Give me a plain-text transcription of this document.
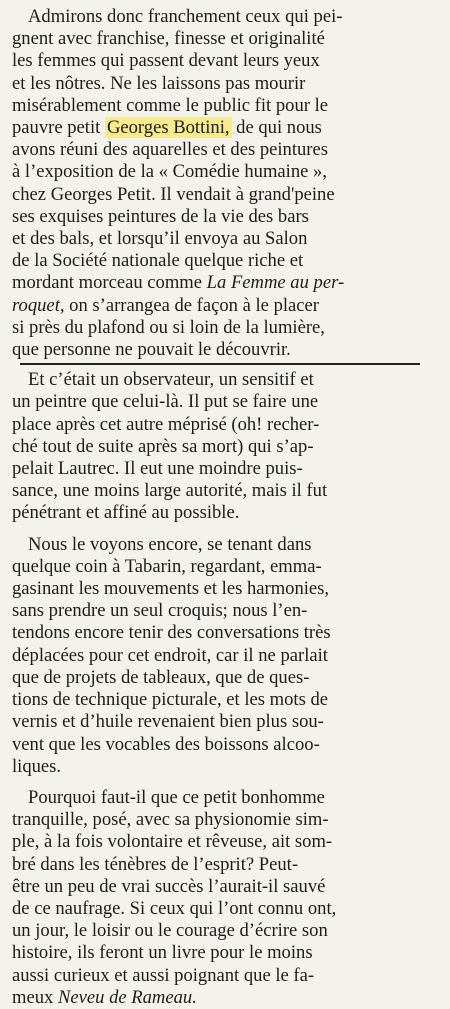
Admirons donc franchement ceux qui pei-
gnent avec franchise, finesse et originalité
les femmes qui passent devant leurs yeux
et les nôtres. Ne les laissons pas mourir
misérablement comme le public fit pour le
pauvre petit Georges Bottini, de qui nous
avons réuni des aquarelles et des peintures
à l’exposition de la « Comédie humaine »,
chez Georges Petit. Il vendait à grand'peine
ses exquises peintures de la vie des bars
et des bals, et lorsqu’il envoya au Salon
de la Société nationale quelque riche et
mordant morceau comme La Femme au per-
roquet, on s’arrangea de façon à le placer
si près du plafond ou si loin de la lumière,
que personne ne pouvait le découvrir.

Et c’était un observateur, un sensitif et
un peintre que celui-là. Il put se faire une
place après cet autre méprisé (oh! recher-
ché tout de suite après sa mort) qui s’ap-
pelait Lautrec. Il eut une moindre puis-
sance, une moins large autorité, mais il fut
pénétrant et affiné au possible.

Nous le voyons encore, se tenant dans
quelque coin à Tabarin, regardant, emma-
gasinant les mouvements et les harmonies,
sans prendre un seul croquis; nous l’en-
tendons encore tenir des conversations très
déplacées pour cet endroit, car il ne parlait
que de projets de tableaux, que de ques-
tions de technique picturale, et les mots de
vernis et d’huile revenaient bien plus sou-
vent que les vocables des boissons alcoo-
liques.

Pourquoi faut-il que ce petit bonhomme
tranquille, posé, avec sa physionomie sim-
ple, à la fois volontaire et rêveuse, ait som-
bré dans les ténèbres de l’esprit? Peut-
être un peu de vrai succès l’aurait-il sauvé
de ce naufrage. Si ceux qui l’ont connu ont,
un jour, le loisir ou le courage d’écrire son
histoire, ils feront un livre pour le moins
aussi curieux et aussi poignant que le fa-
meux Neveu de Rameau.
